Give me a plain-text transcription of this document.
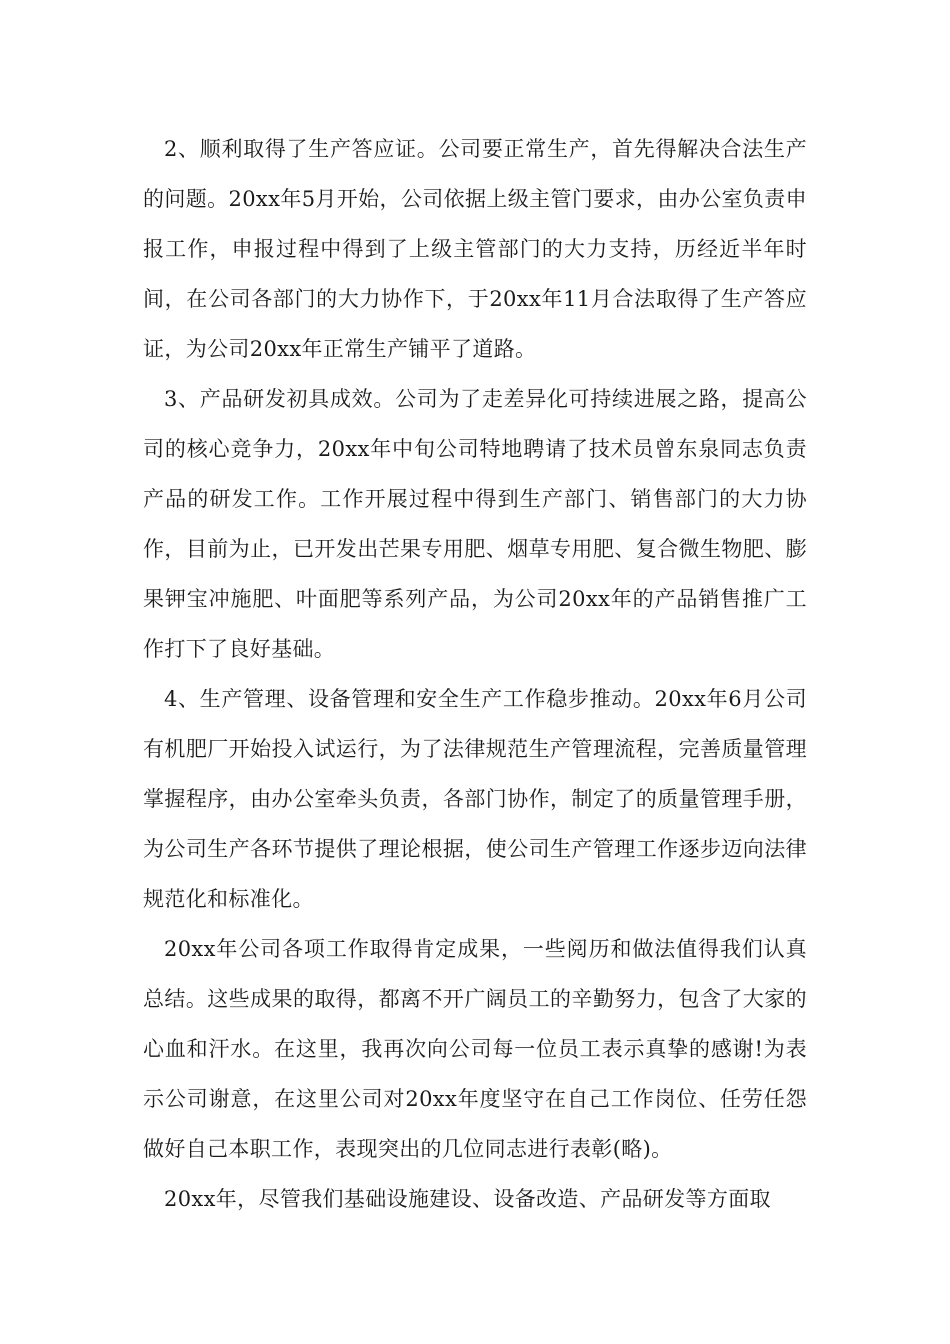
2、顺利取得了生产答应证。公司要正常生产，首先得解决合法生产的问题。20xx年5月开始，公司依据上级主管门要求，由办公室负责申报工作，申报过程中得到了上级主管部门的大力支持，历经近半年时间，在公司各部门的大力协作下，于20xx年11月合法取得了生产答应证，为公司20xx年正常生产铺平了道路。

3、产品研发初具成效。公司为了走差异化可持续进展之路，提高公司的核心竞争力，20xx年中旬公司特地聘请了技术员曾东泉同志负责产品的研发工作。工作开展过程中得到生产部门、销售部门的大力协作，目前为止，已开发出芒果专用肥、烟草专用肥、复合微生物肥、膨果钾宝冲施肥、叶面肥等系列产品，为公司20xx年的产品销售推广工作打下了良好基础。

4、生产管理、设备管理和安全生产工作稳步推动。20xx年6月公司有机肥厂开始投入试运行，为了法律规范生产管理流程，完善质量管理掌握程序，由办公室牵头负责，各部门协作，制定了的质量管理手册，为公司生产各环节提供了理论根据，使公司生产管理工作逐步迈向法律规范化和标准化。

20xx年公司各项工作取得肯定成果，一些阅历和做法值得我们认真总结。这些成果的取得，都离不开广阔员工的辛勤努力，包含了大家的心血和汗水。在这里，我再次向公司每一位员工表示真挚的感谢!为表示公司谢意，在这里公司对20xx年度坚守在自己工作岗位、任劳任怨做好自己本职工作，表现突出的几位同志进行表彰(略)。

20xx年，尽管我们基础设施建设、设备改造、产品研发等方面取
